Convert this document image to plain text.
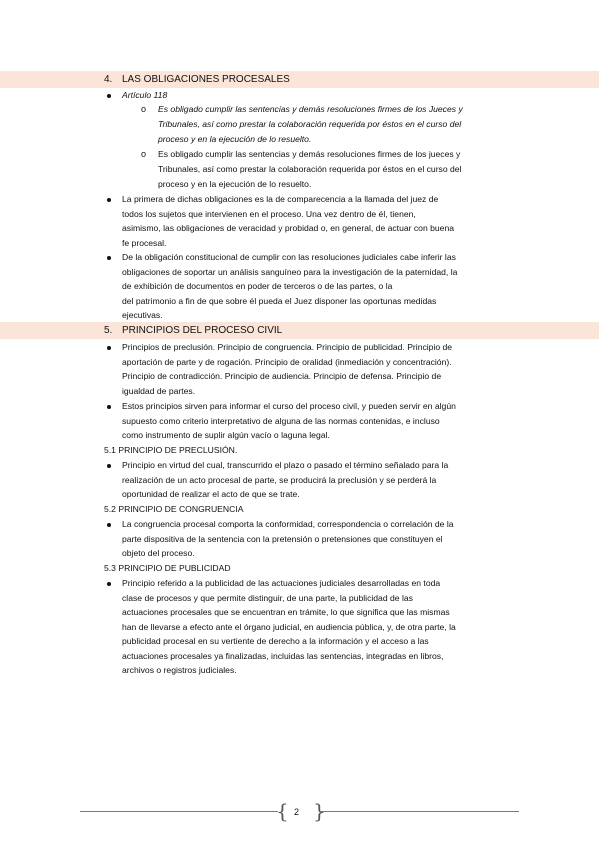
4. LAS OBLIGACIONES PROCESALES
Artículo 118
o Es obligado cumplir las sentencias y demás resoluciones firmes de los Jueces y
Tribunales, así como prestar la colaboración requerida por éstos en el curso del
proceso y en la ejecución de lo resuelto.
o Es obligado cumplir las sentencias y demás resoluciones firmes de los jueces y
Tribunales, así como prestar la colaboración requerida por éstos en el curso del
proceso y en la ejecución de lo resuelto.
La primera de dichas obligaciones es la de comparecencia a la llamada del juez de
todos los sujetos que intervienen en el proceso. Una vez dentro de él, tienen,
asimismo, las obligaciones de veracidad y probidad o, en general, de actuar con buena
fe procesal.
De la obligación constitucional de cumplir con las resoluciones judiciales cabe inferir las
obligaciones de soportar un análisis sanguíneo para la investigación de la paternidad, la
de exhibición de documentos en poder de terceros o de las partes, o la
del patrimonio a fin de que sobre él pueda el Juez disponer las oportunas medidas
ejecutivas.
5. PRINCIPIOS DEL PROCESO CIVIL
Principios de preclusión. Principio de congruencia. Principio de publicidad. Principio de
aportación de parte y de rogación. Principio de oralidad (inmediación y concentración).
Principio de contradicción. Principio de audiencia. Principio de defensa. Principio de
igualdad de partes.
Estos principios sirven para informar el curso del proceso civil, y pueden servir en algún
supuesto como criterio interpretativo de alguna de las normas contenidas, e incluso
como instrumento de suplir algún vacío o laguna legal.
5.1 PRINCIPIO DE PRECLUSIÓN.
Principio en virtud del cual, transcurrido el plazo o pasado el término señalado para la
realización de un acto procesal de parte, se producirá la preclusión y se perderá la
oportunidad de realizar el acto de que se trate.
5.2 PRINCIPIO DE CONGRUENCIA
La congruencia procesal comporta la conformidad, correspondencia o correlación de la
parte dispositiva de la sentencia con la pretensión o pretensiones que constituyen el
objeto del proceso.
5.3 PRINCIPIO DE PUBLICIDAD
Principio referido a la publicidad de las actuaciones judiciales desarrolladas en toda
clase de procesos y que permite distinguir, de una parte, la publicidad de las
actuaciones procesales que se encuentran en trámite, lo que significa que las mismas
han de llevarse a efecto ante el órgano judicial, en audiencia pública, y, de otra parte, la
publicidad procesal en su vertiente de derecho a la información y el acceso a las
actuaciones procesales ya finalizadas, incluidas las sentencias, integradas en libros,
archivos o registros judiciales.
{ }
2
